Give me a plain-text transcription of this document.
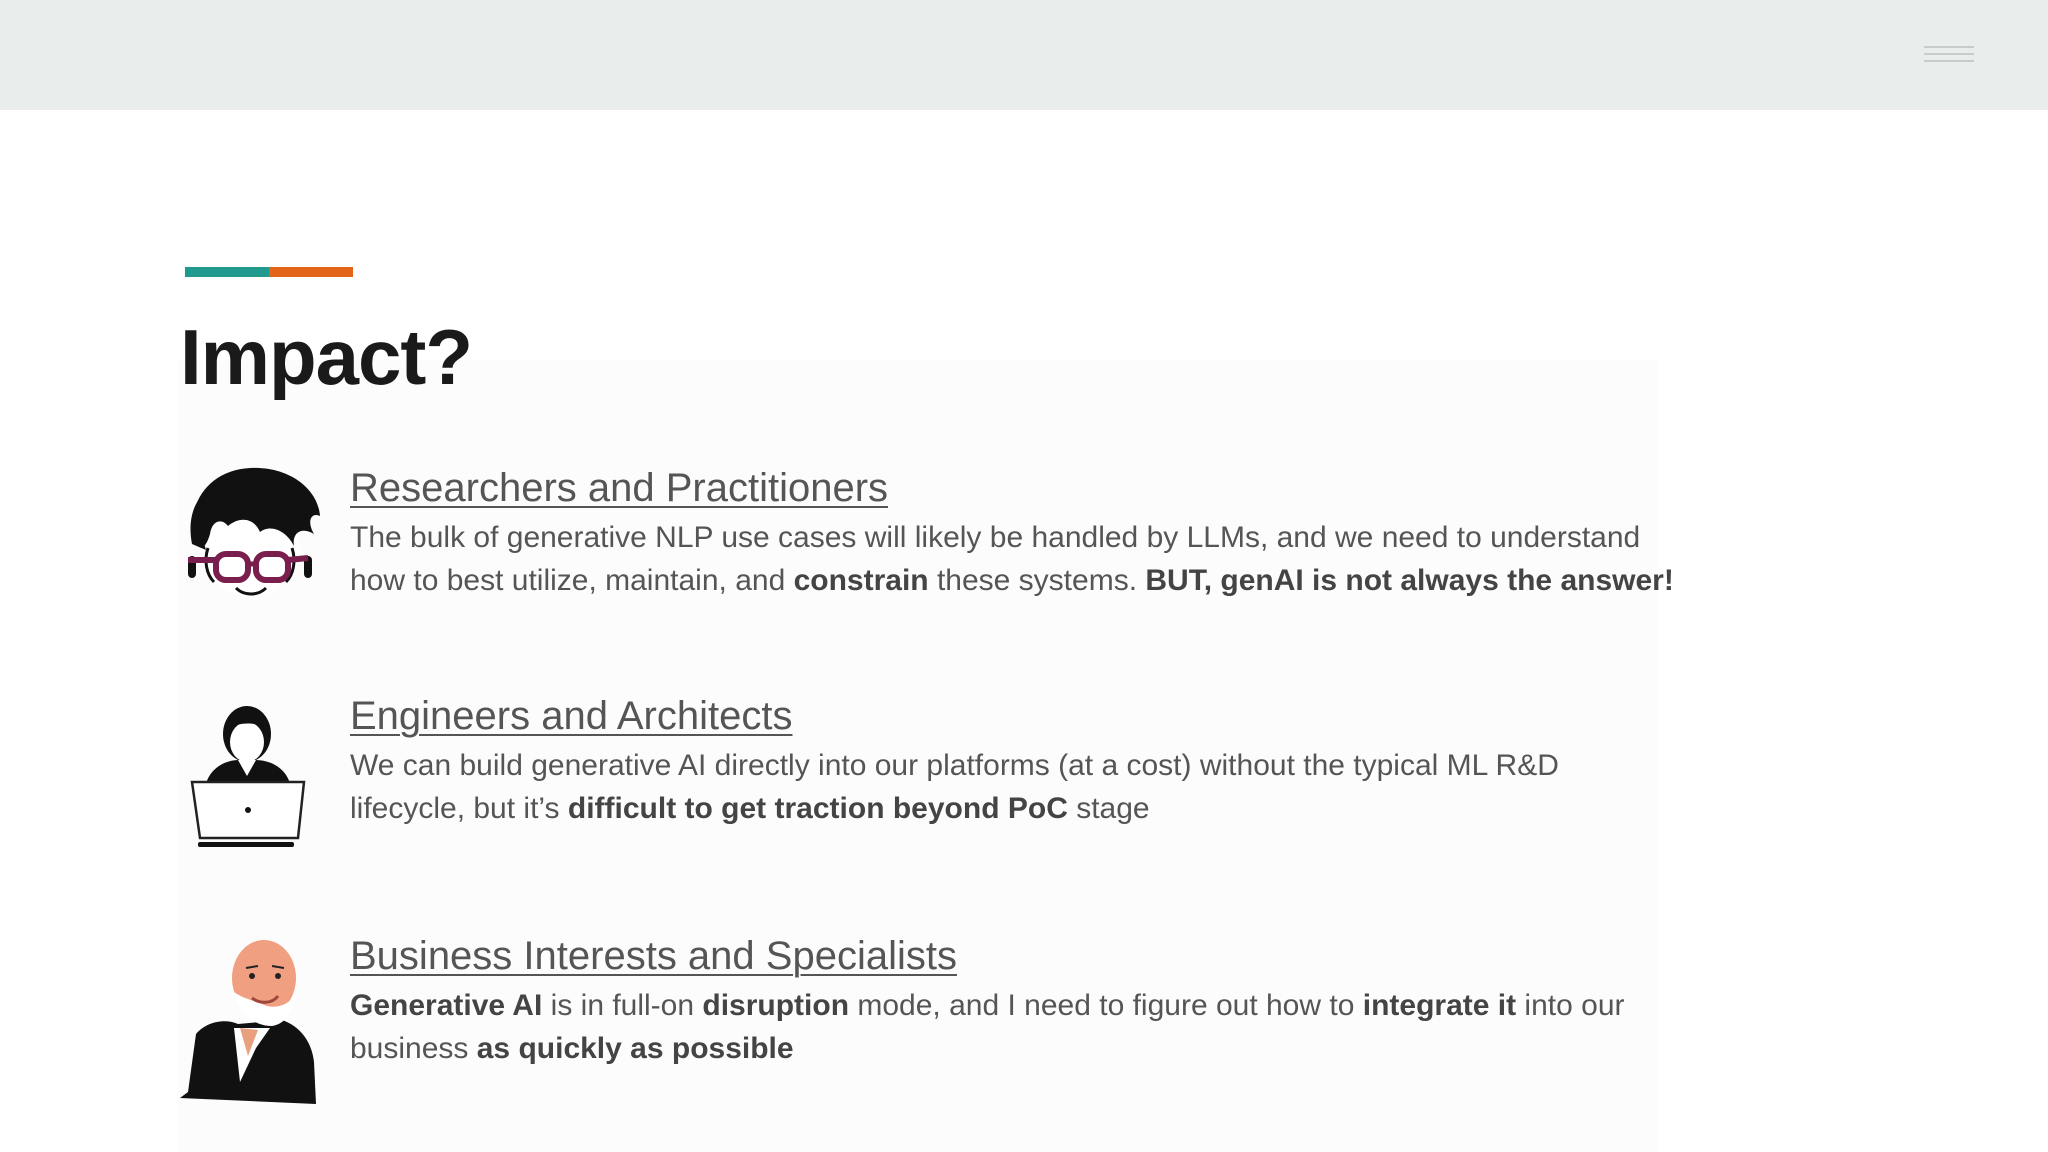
Impact?
Researchers and Practitioners
The bulk of generative NLP use cases will likely be handled by LLMs, and we need to understand
how to best utilize, maintain, and constrain these systems. BUT, genAI is not always the answer!
Engineers and Architects
We can build generative AI directly into our platforms (at a cost) without the typical ML R&D
lifecycle, but it’s difficult to get traction beyond PoC stage
Business Interests and Specialists
Generative AI is in full-on disruption mode, and I need to figure out how to integrate it into our
business as quickly as possible
